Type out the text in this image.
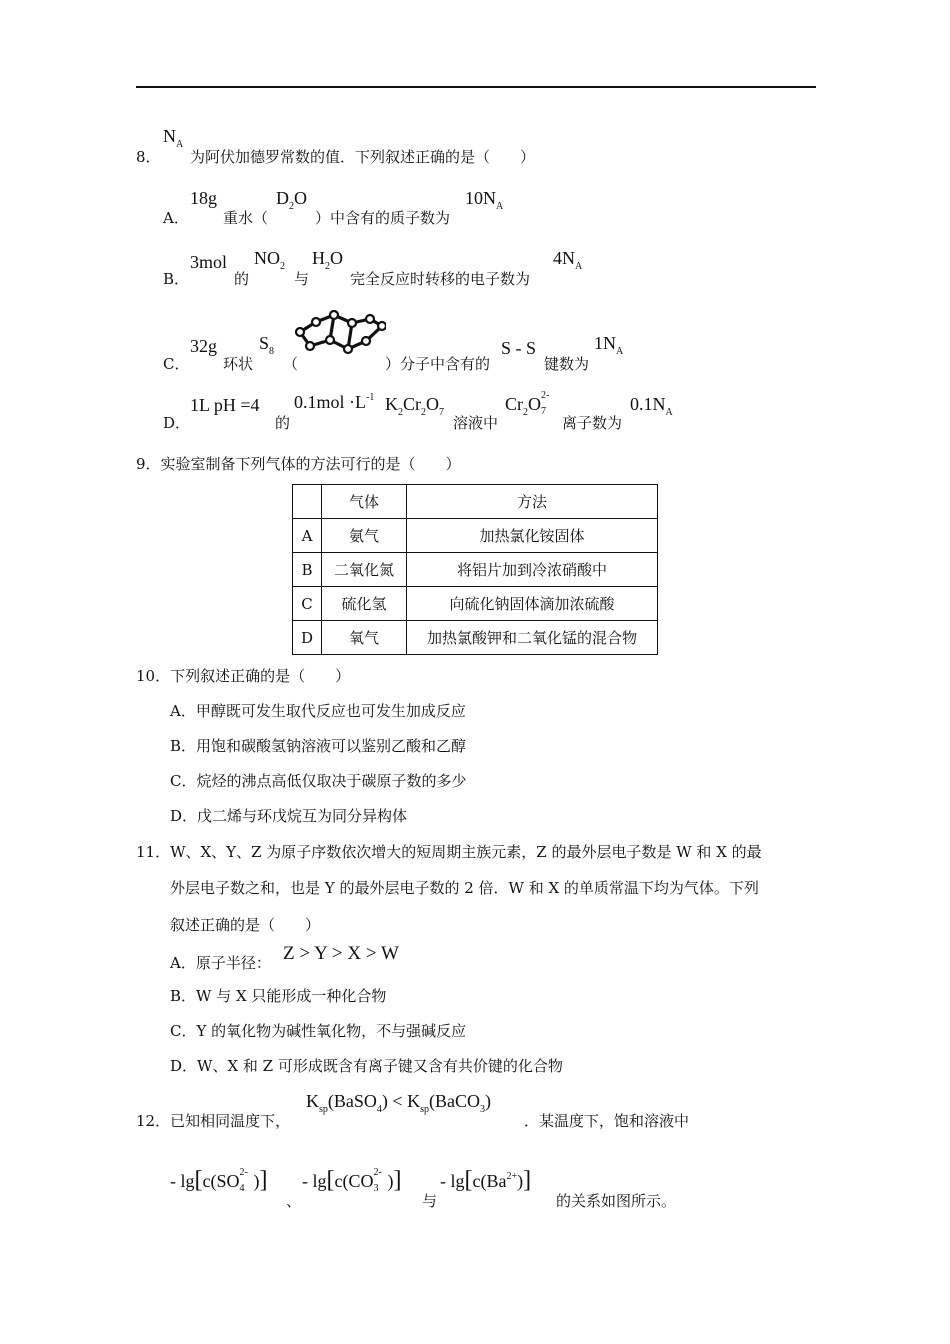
8．
$N_A$
为阿伏加德罗常数的值．下列叙述正确的是（　　）
A．
18g
重水（
$D_2O$
）中含有的质子数为
$10N_A$
B．
3mol
的
$NO_2$
与
$H_2O$
完全反应时转移的电子数为
$4N_A$
C．
32g
环状
$S_8$
（	）分子中含有的
S - S
键数为
$1N_A$
D．
1L pH =4
的
$0.1mol \cdot L^{-1}$ $K_2Cr_2O_7$
溶液中
$Cr_2O$ 2-
7
离子数为
$0.1N_A$
9．实验室制备下列气体的方法可行的是（　　）
	气体	方法
A	氨气	加热氯化铵固体
B	二氧化氮	将铝片加到冷浓硝酸中
C	硫化氢	向硫化钠固体滴加浓硫酸
D	氧气	加热氯酸钾和二氧化锰的混合物
10．下列叙述正确的是（　　）
A．甲醇既可发生取代反应也可发生加成反应
B．用饱和碳酸氢钠溶液可以鉴别乙酸和乙醇
C．烷烃的沸点高低仅取决于碳原子数的多少
D．戊二烯与环戊烷互为同分异构体
11．W、X、Y、Z 为原子序数依次增大的短周期主族元素，Z 的最外层电子数是 W 和 X 的最
外层电子数之和，也是 Y 的最外层电子数的 2 倍．W 和 X 的单质常温下均为气体。下列
叙述正确的是（　　）
A．原子半径： Z > Y > X > W
B．W 与 X 只能形成一种化合物
C．Y 的氧化物为碱性氧化物，不与强碱反应
D．W、X 和 Z 可形成既含有离子键又含有共价键的化合物
12．已知相同温度下，
$K_{sp}(BaSO_4)$ < $K_{sp}(BaCO_3)$
．某温度下，饱和溶液中
- lg[c(SO 2-
4 )]
、
- lg[c(CO 2-
3 )]
与
- $\lg[c(Ba^{2+})]$
的关系如图所示。
